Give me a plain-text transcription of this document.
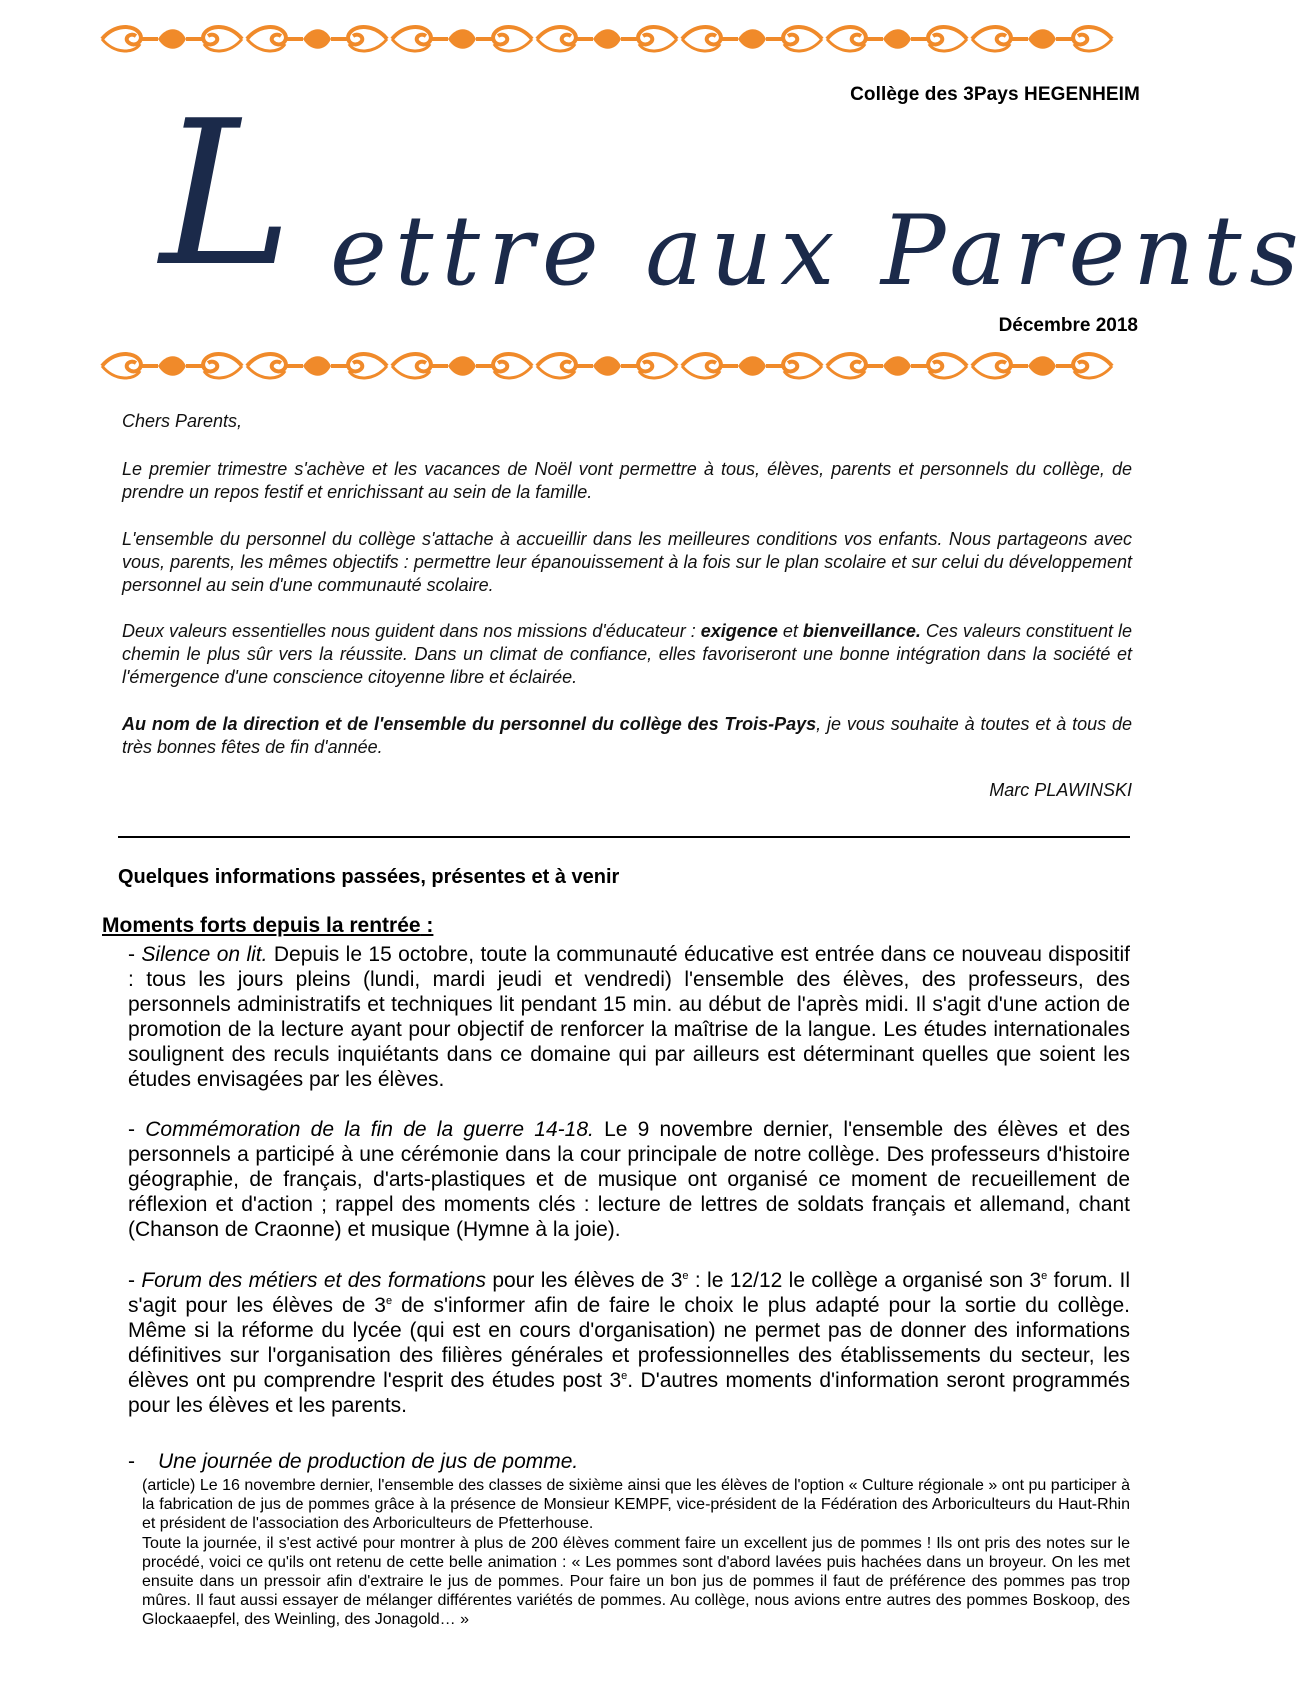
Collège des 3Pays HEGENHEIM
L ettre aux Parents
Décembre 2018

Chers Parents,

Le premier trimestre s'achève et les vacances de Noël vont permettre à tous, élèves, parents et personnels du collège, de prendre un repos festif et enrichissant au sein de la famille.

L'ensemble du personnel du collège s'attache à accueillir dans les meilleures conditions vos enfants. Nous partageons avec vous, parents, les mêmes objectifs : permettre leur épanouissement à la fois sur le plan scolaire et sur celui du développement personnel au sein d'une communauté scolaire.

Deux valeurs essentielles nous guident dans nos missions d'éducateur : exigence et bienveillance. Ces valeurs constituent le chemin le plus sûr vers la réussite. Dans un climat de confiance, elles favoriseront une bonne intégration dans la société et l'émergence d'une conscience citoyenne libre et éclairée.

Au nom de la direction et de l'ensemble du personnel du collège des Trois-Pays, je vous souhaite à toutes et à tous de très bonnes fêtes de fin d'année.

Marc PLAWINSKI
Quelques informations passées, présentes et à venir
Moments forts depuis la rentrée :

- Silence on lit. Depuis le 15 octobre, toute la communauté éducative est entrée dans ce nouveau dispositif : tous les jours pleins (lundi, mardi jeudi et vendredi) l'ensemble des élèves, des professeurs, des personnels administratifs et techniques lit pendant 15 min. au début de l'après midi. Il s'agit d'une action de promotion de la lecture ayant pour objectif de renforcer la maîtrise de la langue. Les études internationales soulignent des reculs inquiétants dans ce domaine qui par ailleurs est déterminant quelles que soient les études envisagées par les élèves.

- Commémoration de la fin de la guerre 14-18. Le 9 novembre dernier, l'ensemble des élèves et des personnels a participé à une cérémonie dans la cour principale de notre collège. Des professeurs d'histoire géographie, de français, d'arts-plastiques et de musique ont organisé ce moment de recueillement de réflexion et d'action ; rappel des moments clés : lecture de lettres de soldats français et allemand, chant (Chanson de Craonne) et musique (Hymne à la joie).

- Forum des métiers et des formations pour les élèves de 3e : le 12/12 le collège a organisé son 3e forum. Il s'agit pour les élèves de 3e de s'informer afin de faire le choix le plus adapté pour la sortie du collège. Même si la réforme du lycée (qui est en cours d'organisation) ne permet pas de donner des informations définitives sur l'organisation des filières générales et professionnelles des établissements du secteur, les élèves ont pu comprendre l'esprit des études post 3e. D'autres moments d'information seront programmés pour les élèves et les parents.

- Une journée de production de jus de pomme.

(article) Le 16 novembre dernier, l'ensemble des classes de sixième ainsi que les élèves de l'option « Culture régionale » ont pu participer à la fabrication de jus de pommes grâce à la présence de Monsieur KEMPF, vice-président de la Fédération des Arboriculteurs du Haut-Rhin et président de l'association des Arboriculteurs de Pfetterhouse.

Toute la journée, il s'est activé pour montrer à plus de 200 élèves comment faire un excellent jus de pommes ! Ils ont pris des notes sur le procédé, voici ce qu'ils ont retenu de cette belle animation : « Les pommes sont d'abord lavées puis hachées dans un broyeur. On les met ensuite dans un pressoir afin d'extraire le jus de pommes. Pour faire un bon jus de pommes il faut de préférence des pommes pas trop mûres. Il faut aussi essayer de mélanger différentes variétés de pommes. Au collège, nous avions entre autres des pommes Boskoop, des Glockaaepfel, des Weinling, des Jonagold… »
